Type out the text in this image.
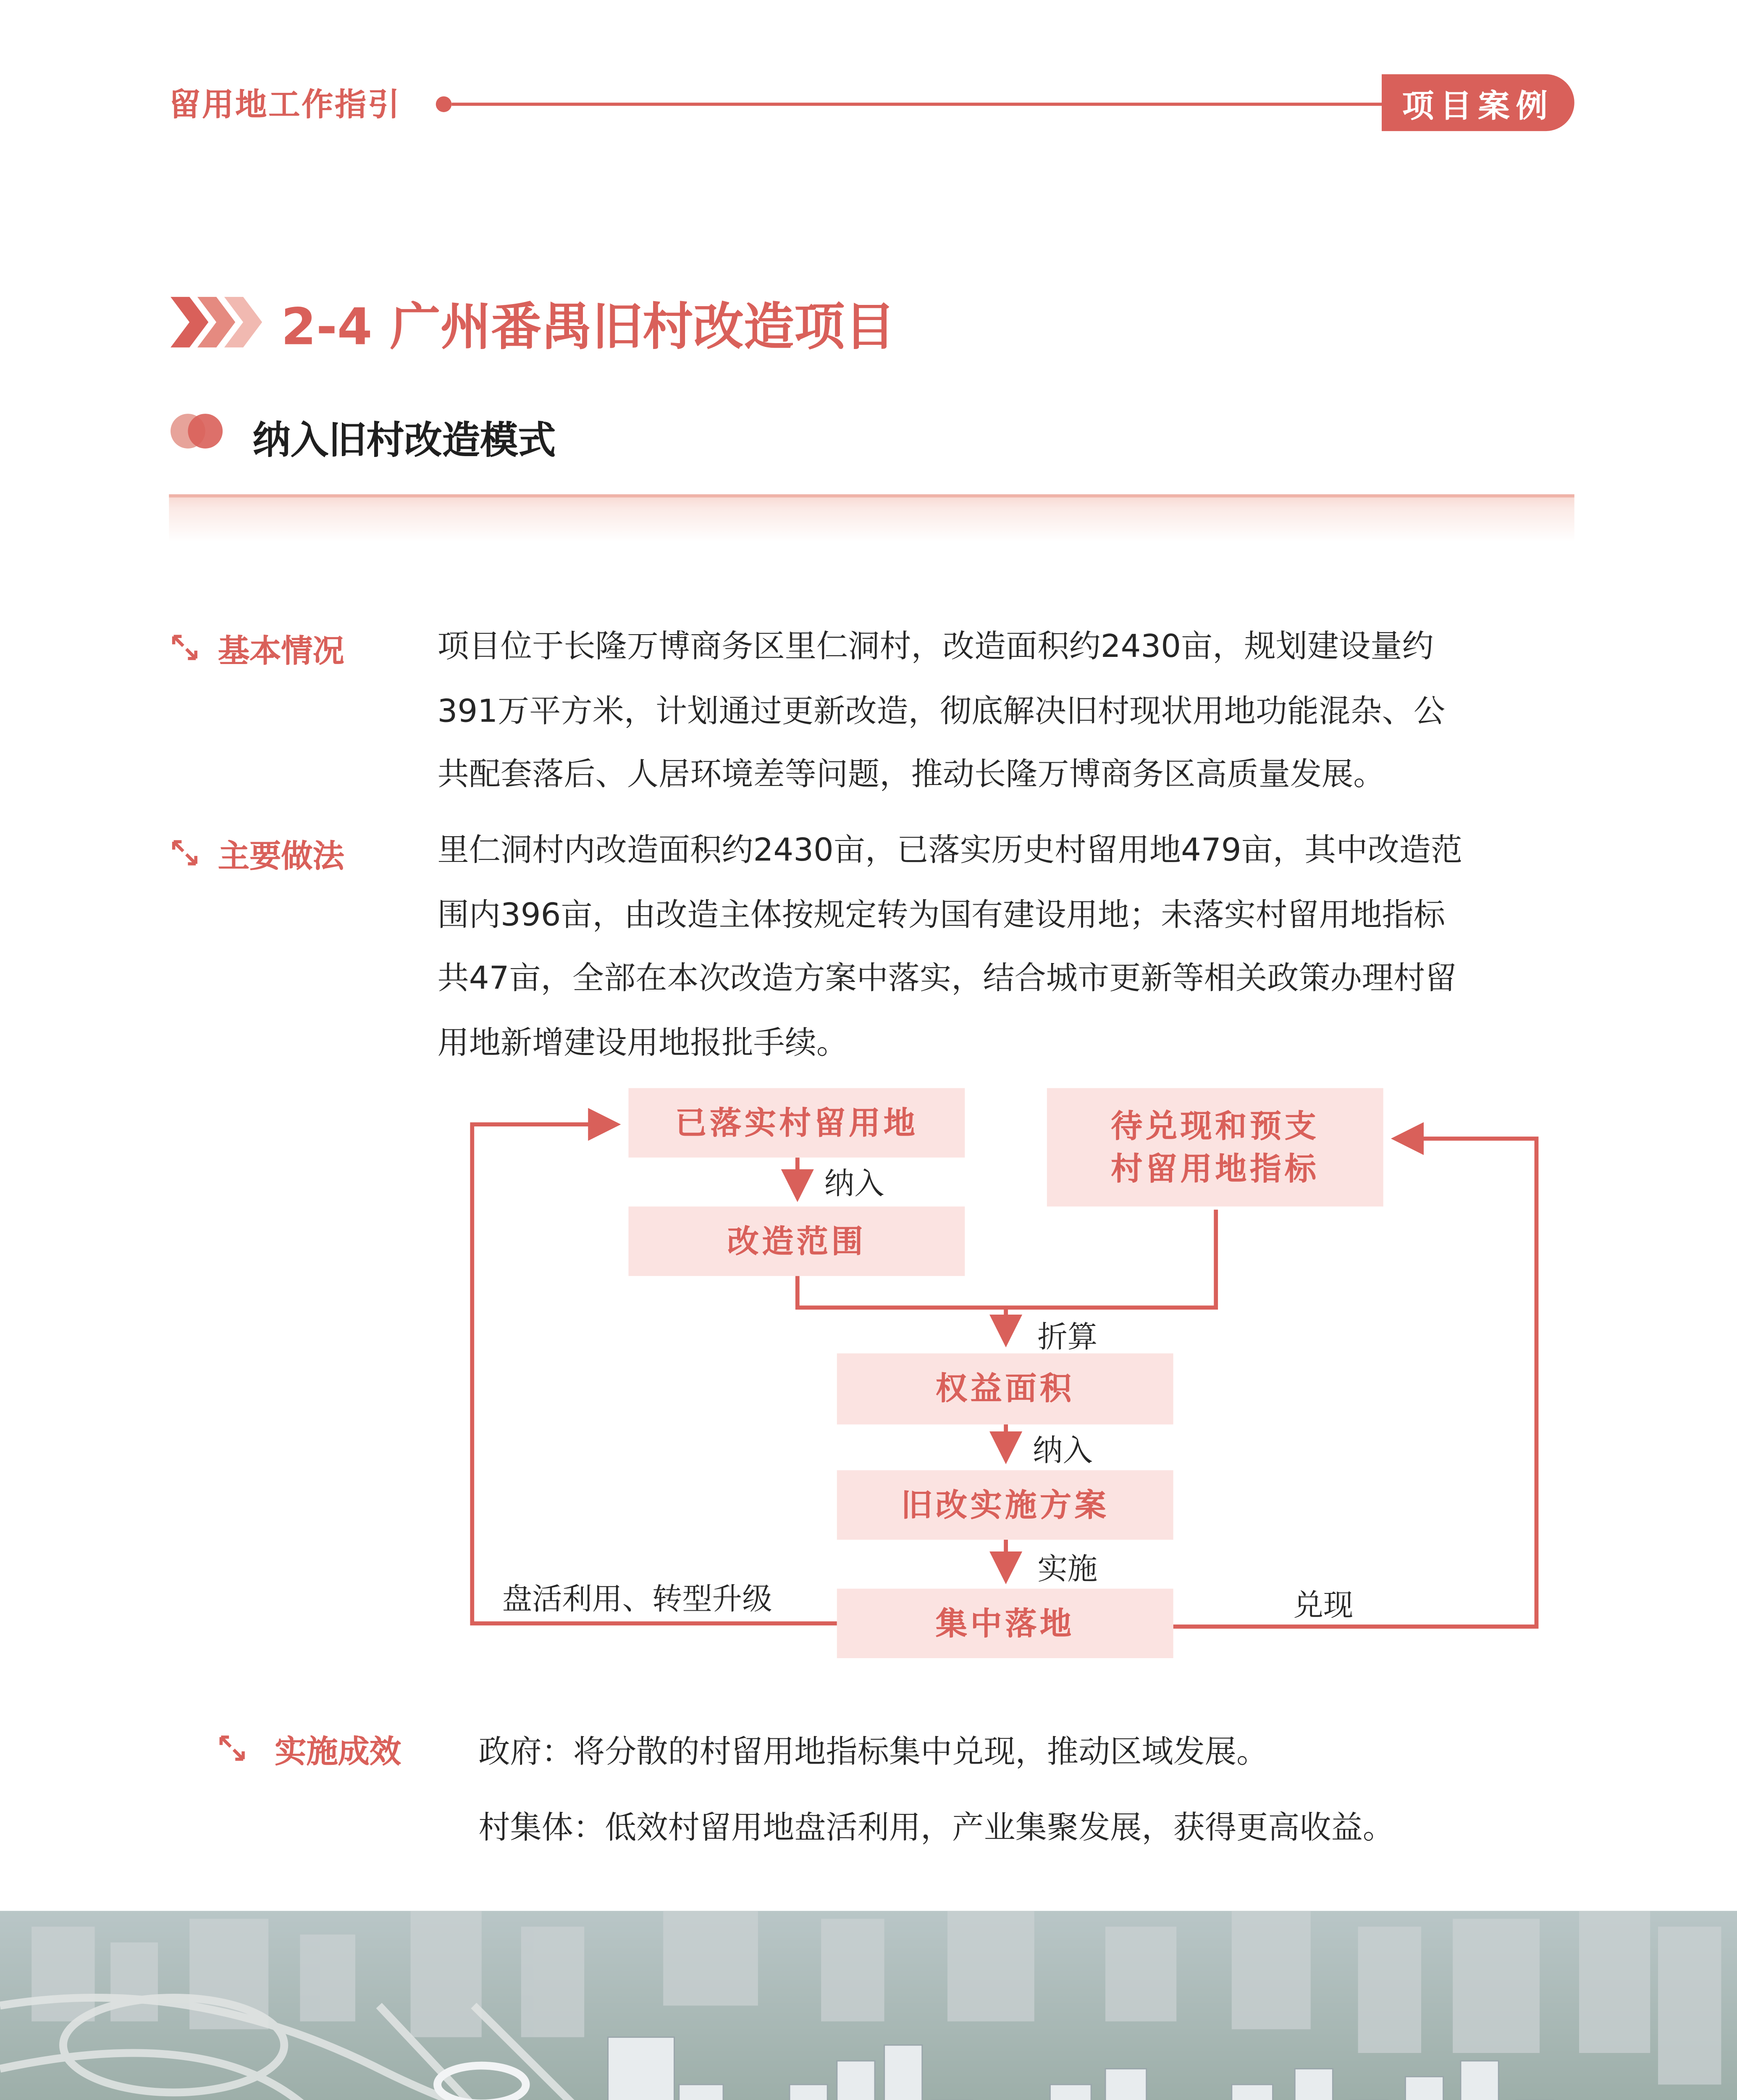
留用地工作指引	项目案例
2-4 广州番禺旧村改造项目
纳入旧村改造模式
基本情况	项目位于长隆万博商务区里仁洞村，改造面积约2430亩，规划建设量约
391万平方米，计划通过更新改造，彻底解决旧村现状用地功能混杂、公
共配套落后、人居环境差等问题，推动长隆万博商务区高质量发展。
主要做法	里仁洞村内改造面积约2430亩，已落实历史村留用地479亩，其中改造范
围内396亩，由改造主体按规定转为国有建设用地；未落实村留用地指标
共47亩，全部在本次改造方案中落实，结合城市更新等相关政策办理村留
用地新增建设用地报批手续。
已落实村留用地	待兑现和预支
村留用地指标
改造范围
权益面积
旧改实施方案
集中落地
纳入
折算
纳入
实施
盘活利用、转型升级	兑现
实施成效	政府：将分散的村留用地指标集中兑现，推动区域发展。
村集体：低效村留用地盘活利用，产业集聚发展，获得更高收益。
